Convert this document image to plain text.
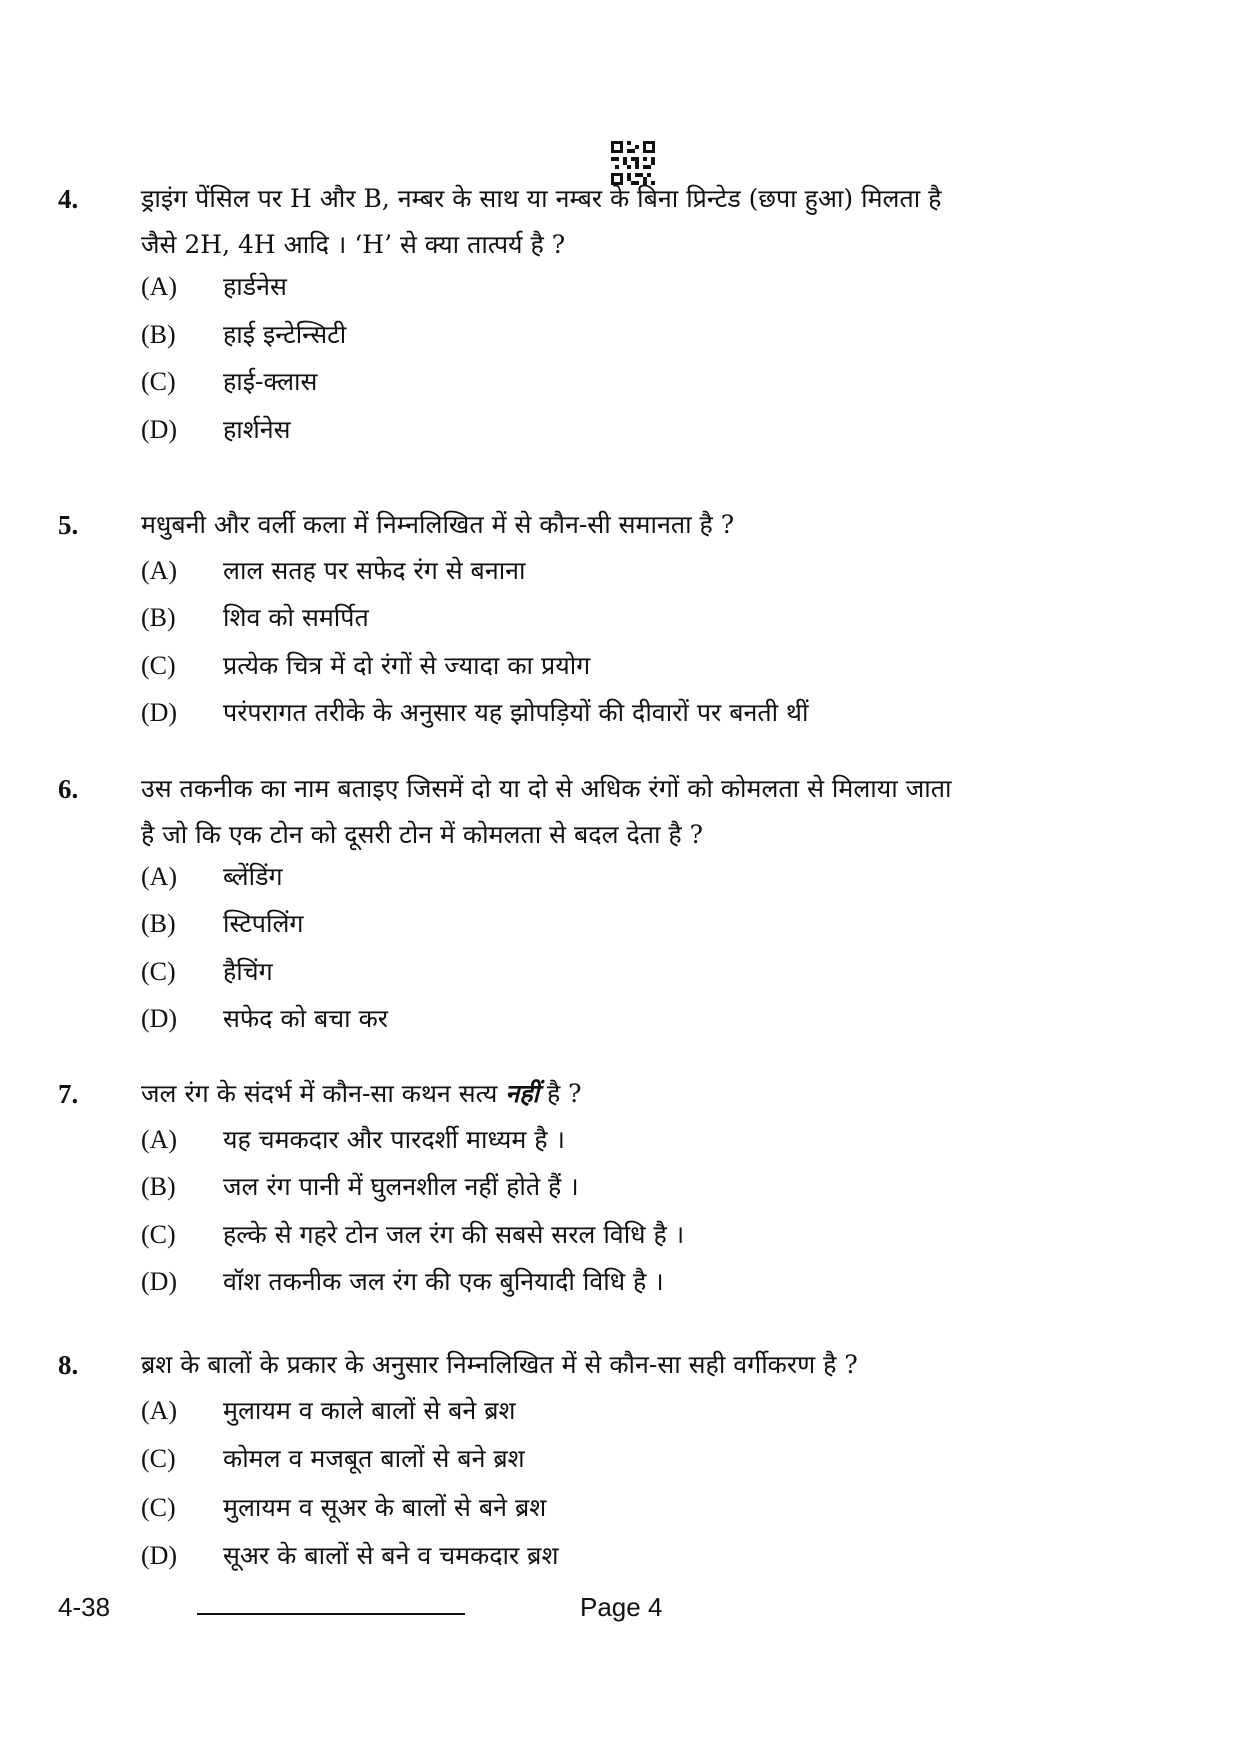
4.	ड्राइंग पेंसिल पर H और B, नम्बर के साथ या नम्बर के बिना प्रिन्टेड (छपा हुआ) मिलता है
जैसे 2H, 4H आदि । ‘H’ से क्या तात्पर्य है ?
(A) हार्डनेस
(B) हाई इन्टेन्सिटी
(C) हाई-क्लास
(D) हार्शनेस
5.	मधुबनी और वर्ली कला में निम्नलिखित में से कौन-सी समानता है ?
(A) लाल सतह पर सफेद रंग से बनाना
(B) शिव को समर्पित
(C) प्रत्येक चित्र में दो रंगों से ज्यादा का प्रयोग
(D) परंपरागत तरीके के अनुसार यह झोपड़ियों की दीवारों पर बनती थीं
6.	उस तकनीक का नाम बताइए जिसमें दो या दो से अधिक रंगों को कोमलता से मिलाया जाता
है जो कि एक टोन को दूसरी टोन में कोमलता से बदल देता है ?
(A) ब्लेंडिंग
(B) स्टिपलिंग
(C) हैचिंग
(D) सफेद को बचा कर
7.	जल रंग के संदर्भ में कौन-सा कथन सत्य नहीं है ?
(A) यह चमकदार और पारदर्शी माध्यम है ।
(B) जल रंग पानी में घुलनशील नहीं होते हैं ।
(C) हल्के से गहरे टोन जल रंग की सबसे सरल विधि है ।
(D) वॉश तकनीक जल रंग की एक बुनियादी विधि है ।
8.	ब्रश के बालों के प्रकार के अनुसार निम्नलिखित में से कौन-सा सही वर्गीकरण है ?
(A) मुलायम व काले बालों से बने ब्रश
(C) कोमल व मजबूत बालों से बने ब्रश
(C) मुलायम व सूअर के बालों से बने ब्रश
(D) सूअर के बालों से बने व चमकदार ब्रश
4-38	Page 4
